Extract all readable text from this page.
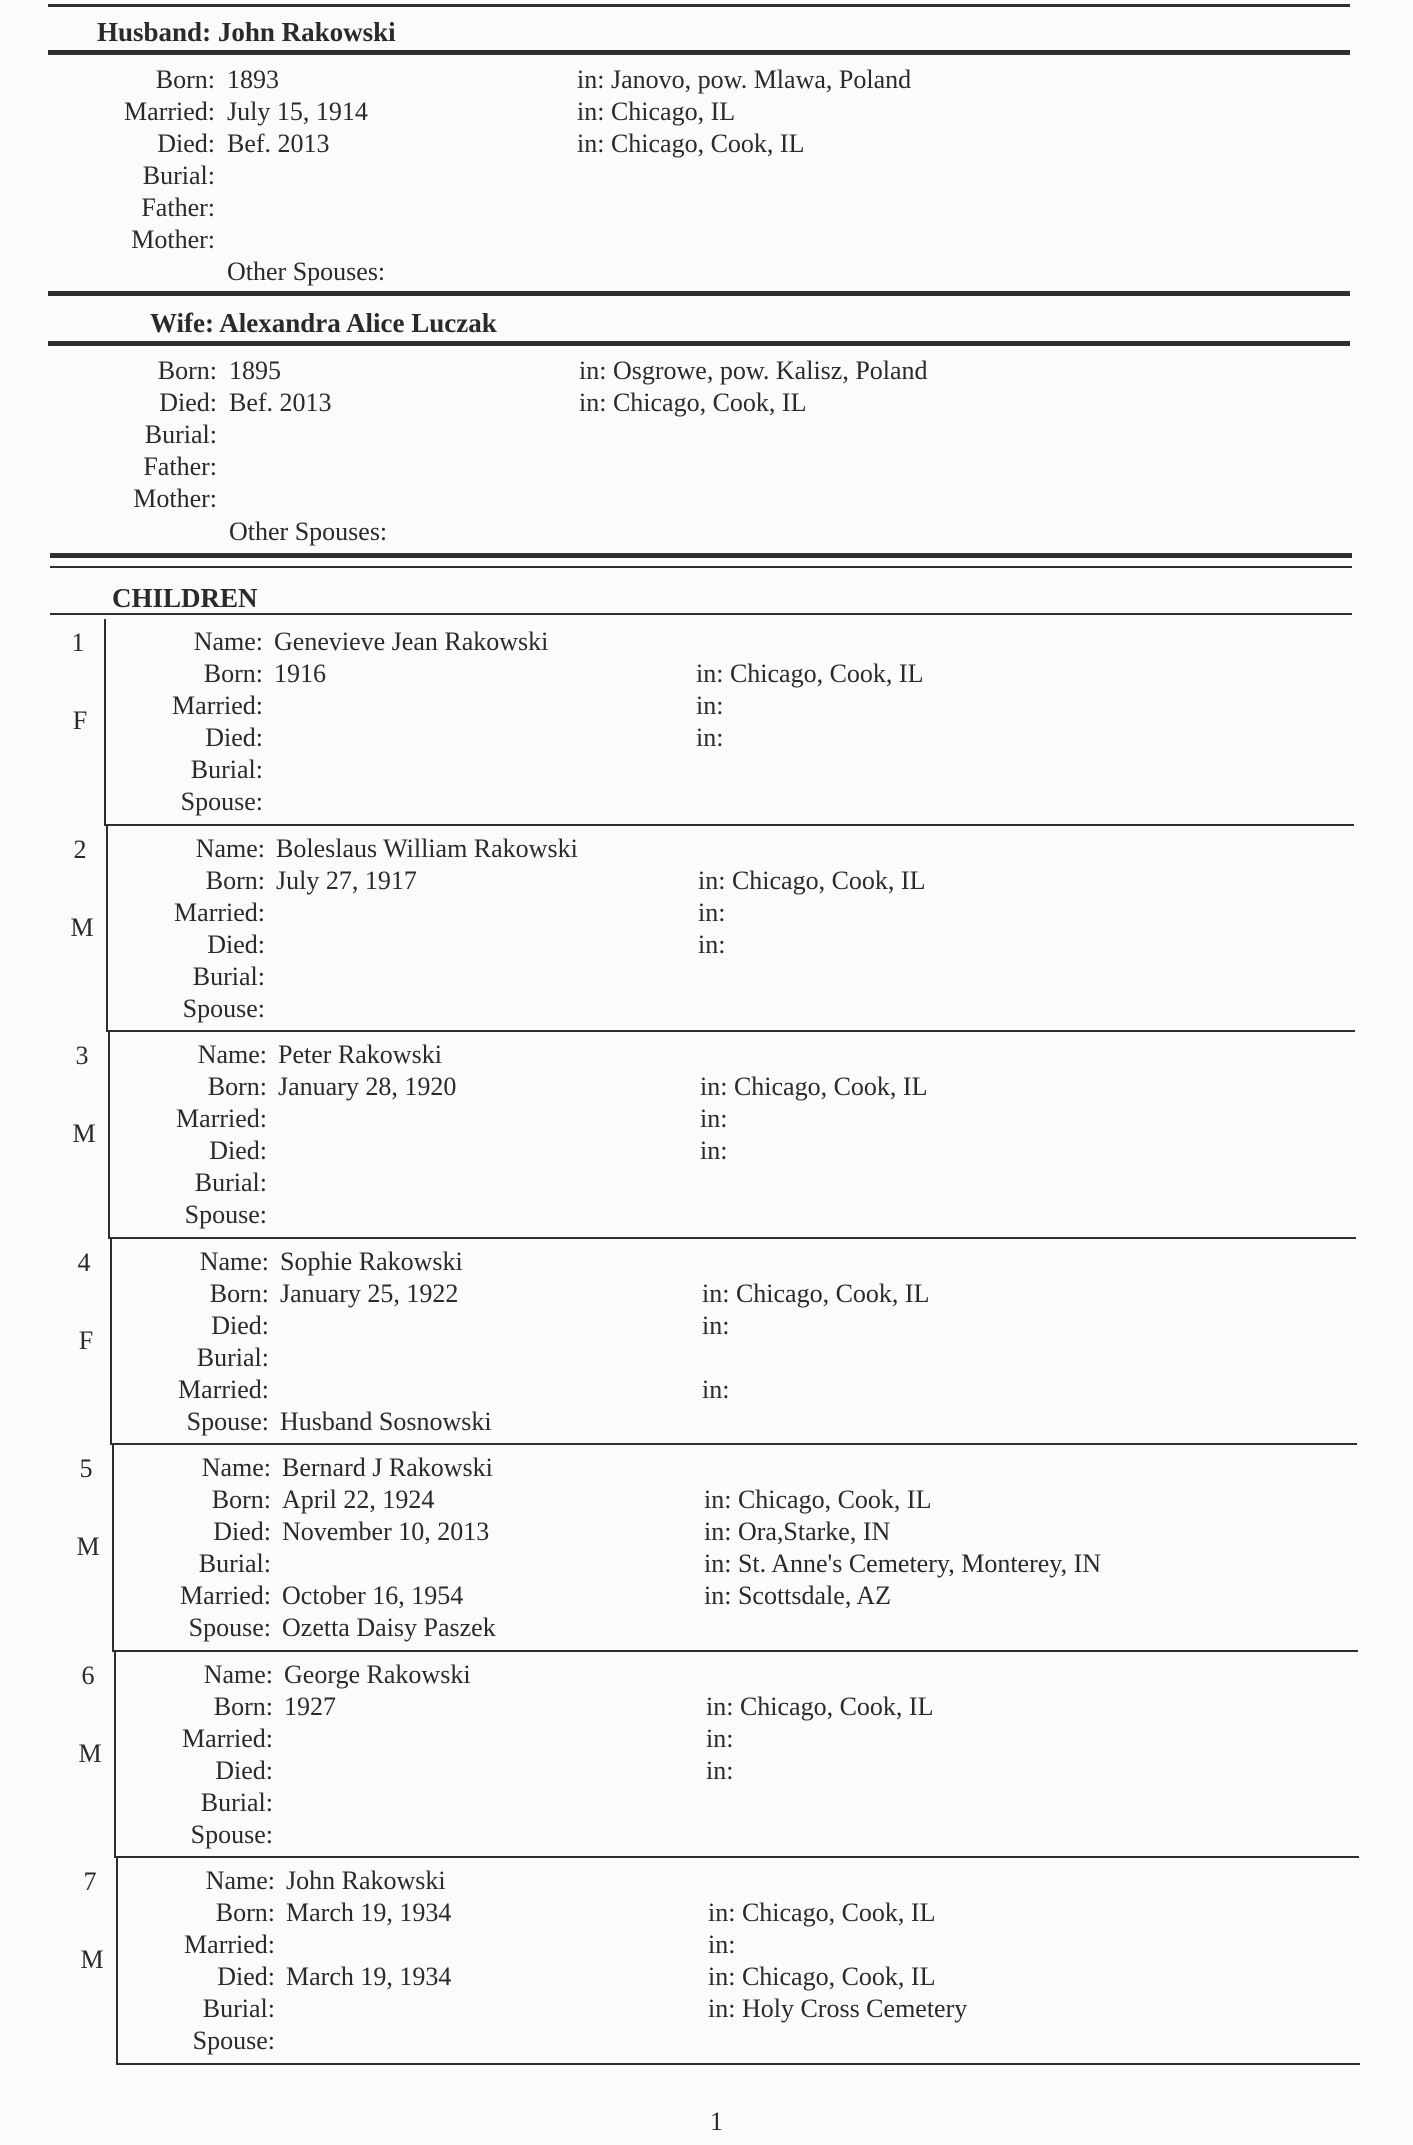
Husband: John Rakowski
Born: 1893	in: Janovo, pow. Mlawa, Poland
Married: July 15, 1914	in: Chicago, IL
Died: Bef. 2013	in: Chicago, Cook, IL
Burial:
Father:
Mother:
Other Spouses:
Wife: Alexandra Alice Luczak
Born: 1895	in: Osgrowe, pow. Kalisz, Poland
Died: Bef. 2013	in: Chicago, Cook, IL
Burial:
Father:
Mother:
Other Spouses:
CHILDREN
1
F
Name: Genevieve Jean Rakowski
Born: 1916	in: Chicago, Cook, IL
Married:	in:
Died:	in:
Burial:
Spouse:
2
M
Name: Boleslaus William Rakowski
Born: July 27, 1917	in: Chicago, Cook, IL
Married:	in:
Died:	in:
Burial:
Spouse:
3
M
Name: Peter Rakowski
Born: January 28, 1920	in: Chicago, Cook, IL
Married:	in:
Died:	in:
Burial:
Spouse:
4
F
Name: Sophie Rakowski
Born: January 25, 1922	in: Chicago, Cook, IL
Died:	in:
Burial:
Married:	in:
Spouse: Husband Sosnowski
5
M
Name: Bernard J Rakowski
Born: April 22, 1924	in: Chicago, Cook, IL
Died: November 10, 2013	in: Ora,Starke, IN
Burial:	in: St. Anne's Cemetery, Monterey, IN
Married: October 16, 1954	in: Scottsdale, AZ
Spouse: Ozetta Daisy Paszek
6
M
Name: George Rakowski
Born: 1927	in: Chicago, Cook, IL
Married:	in:
Died:	in:
Burial:
Spouse:
7
M
Name: John Rakowski
Born: March 19, 1934	in: Chicago, Cook, IL
Married:	in:
Died: March 19, 1934	in: Chicago, Cook, IL
Burial:	in: Holy Cross Cemetery
Spouse:
1
